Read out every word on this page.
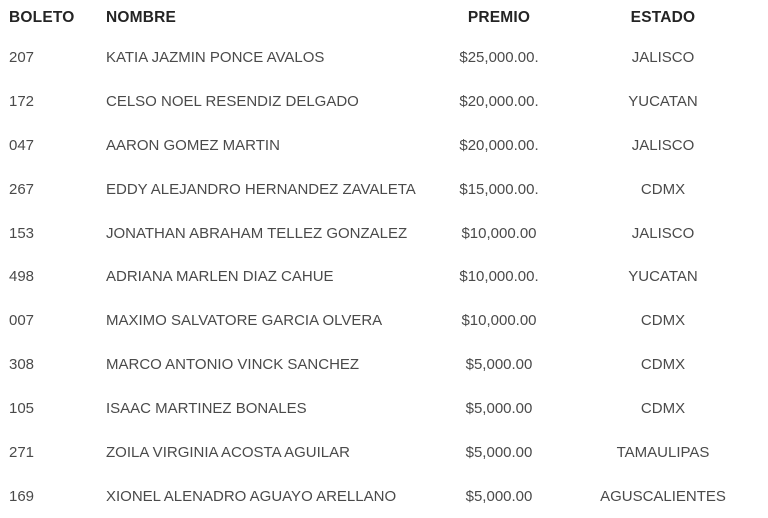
BOLETO	NOMBRE	PREMIO	ESTADO
207	KATIA JAZMIN PONCE AVALOS	$25,000.00.	JALISCO
172	CELSO NOEL RESENDIZ DELGADO	$20,000.00.	YUCATAN
047	AARON GOMEZ MARTIN	$20,000.00.	JALISCO
267	EDDY ALEJANDRO HERNANDEZ ZAVALETA	$15,000.00.	CDMX
153	JONATHAN ABRAHAM TELLEZ GONZALEZ	$10,000.00	JALISCO
498	ADRIANA MARLEN DIAZ CAHUE	$10,000.00.	YUCATAN
007	MAXIMO SALVATORE GARCIA OLVERA	$10,000.00	CDMX
308	MARCO ANTONIO VINCK SANCHEZ	$5,000.00	CDMX
105	ISAAC MARTINEZ BONALES	$5,000.00	CDMX
271	ZOILA VIRGINIA ACOSTA AGUILAR	$5,000.00	TAMAULIPAS
169	XIONEL ALENADRO AGUAYO ARELLANO	$5,000.00	AGUSCALIENTES
